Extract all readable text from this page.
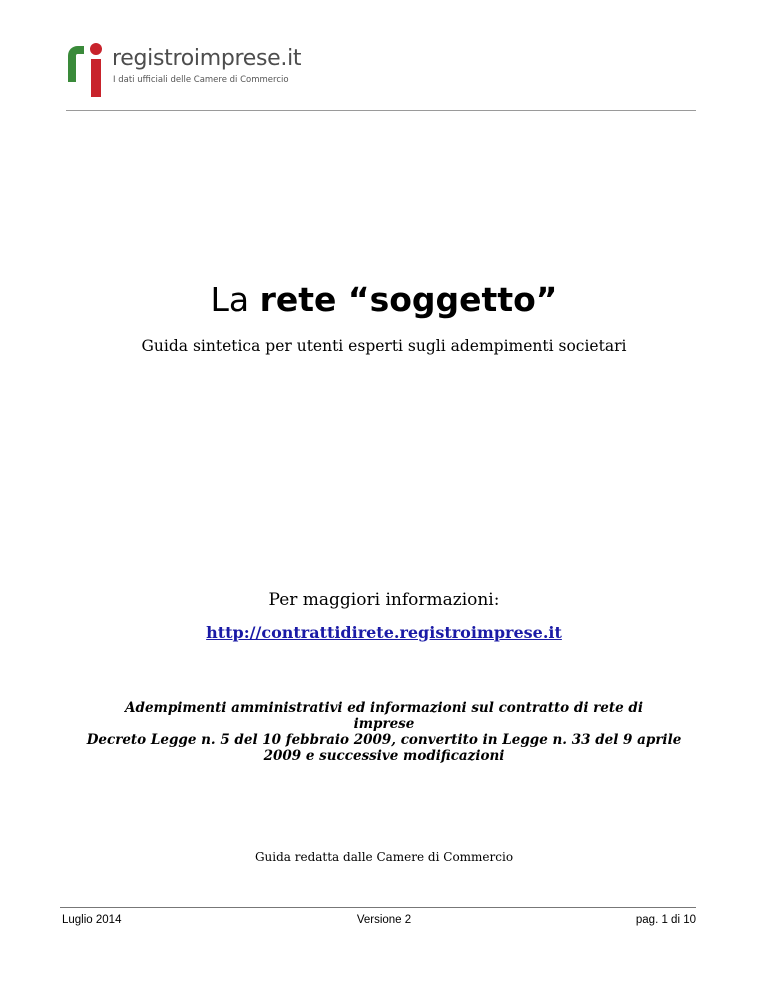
registroimprese.it
I dati ufficiali delle Camere di Commercio
La rete “soggetto”
Guida sintetica per utenti esperti sugli adempimenti societari
Per maggiori informazioni:
http://contrattidirete.registroimprese.it
Adempimenti amministrativi ed informazioni sul contratto di rete di
imprese
Decreto Legge n. 5 del 10 febbraio 2009, convertito in Legge n. 33 del 9 aprile
2009 e successive modificazioni
Guida redatta dalle Camere di Commercio
Luglio 2014	Versione 2	pag. 1 di 10
